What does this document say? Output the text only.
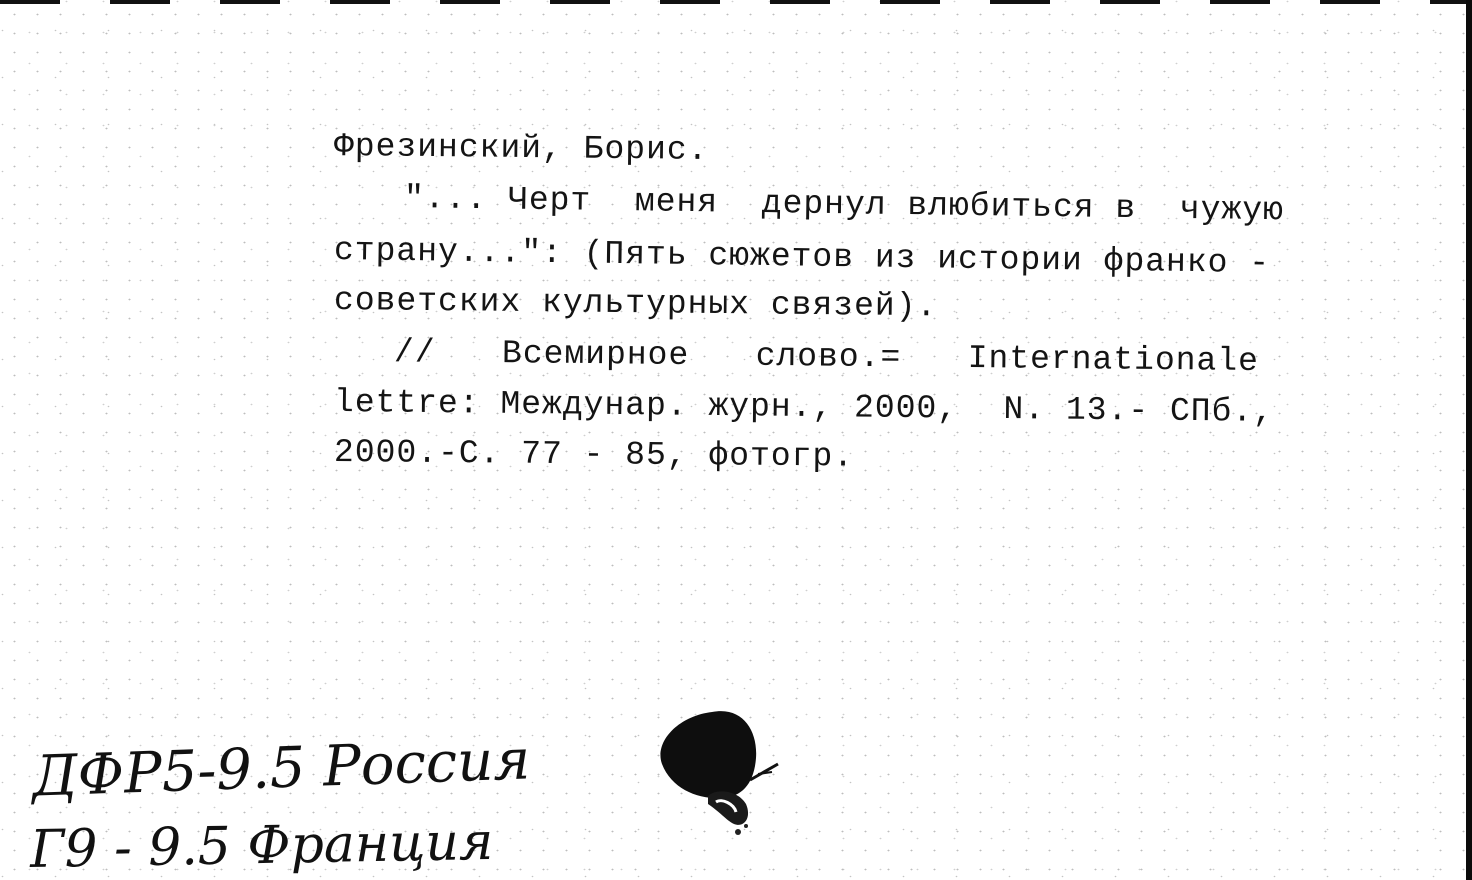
Фрезинский, Борис.
"... Черт меня дернул влюбиться в чужую
страну...": (Пять сюжетов из истории франко -
советских культурных связей).
// Всемирное слово.= Internationale
lettre: Междунар. журн., 2000, N. 13.- СПб.,
2000.-С. 77 - 85, фотогр.
ДФР5-9.5 Россия
Г9 - 9.5 Франция
